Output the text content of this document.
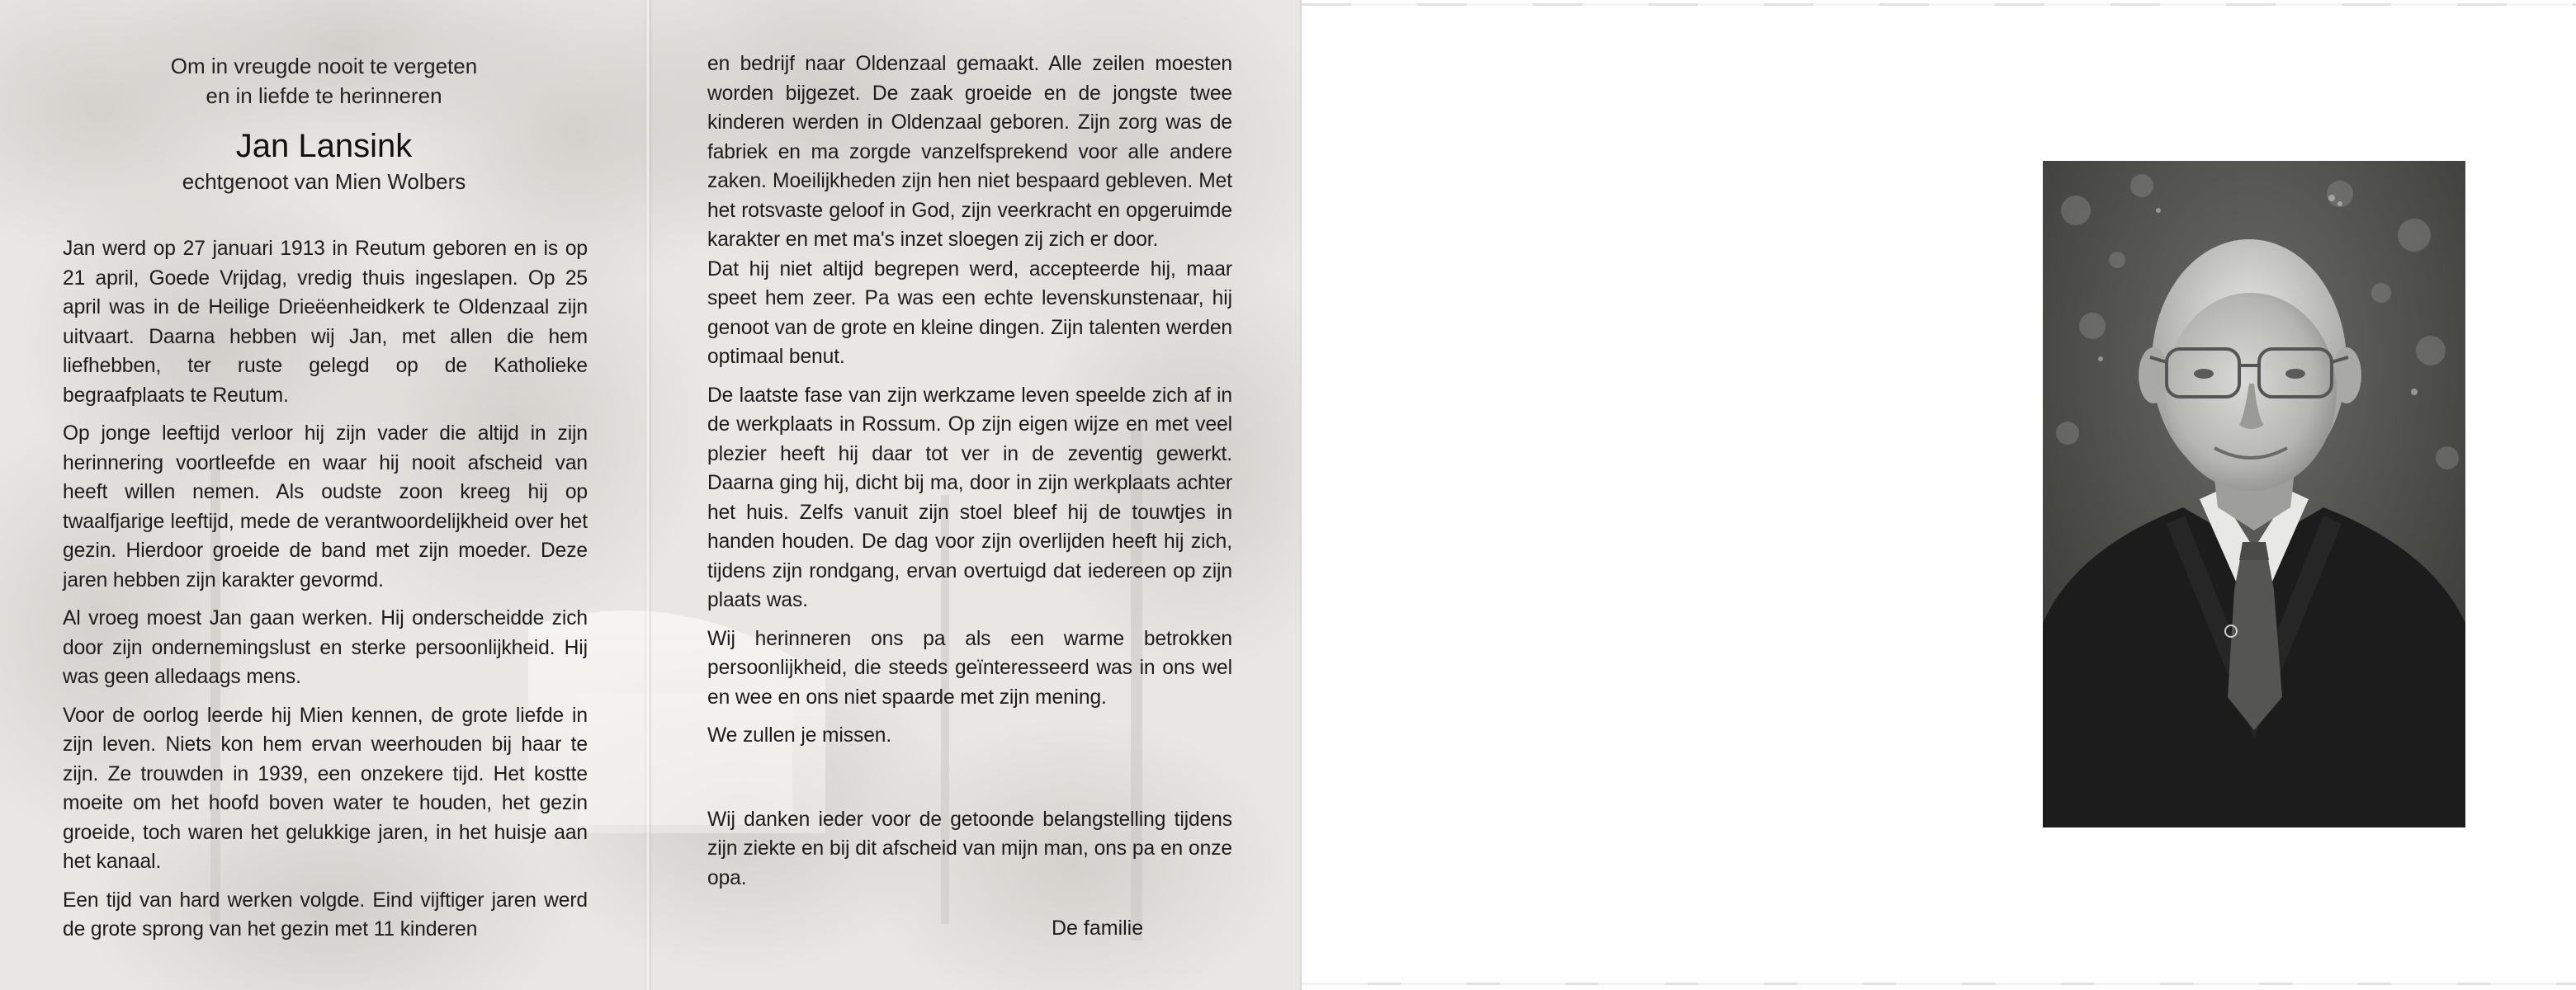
Om in vreugde nooit te vergeten
en in liefde te herinneren
Jan Lansink
echtgenoot van Mien Wolbers

Jan werd op 27 januari 1913 in Reutum geboren en is op 21 april, Goede Vrijdag, vredig thuis ingeslapen. Op 25 april was in de Heilige Drieëenheidkerk te Oldenzaal zijn uitvaart. Daarna hebben wij Jan, met allen die hem liefhebben, ter ruste gelegd op de Katholieke begraafplaats te Reutum.

Op jonge leeftijd verloor hij zijn vader die altijd in zijn herinnering voortleefde en waar hij nooit afscheid van heeft willen nemen. Als oudste zoon kreeg hij op twaalfjarige leeftijd, mede de verantwoordelijkheid over het gezin. Hierdoor groeide de band met zijn moeder. Deze jaren hebben zijn karakter gevormd.

Al vroeg moest Jan gaan werken. Hij onderscheidde zich door zijn ondernemingslust en sterke persoonlijkheid. Hij was geen alledaags mens.

Voor de oorlog leerde hij Mien kennen, de grote liefde in zijn leven. Niets kon hem ervan weerhouden bij haar te zijn. Ze trouwden in 1939, een onzekere tijd. Het kostte moeite om het hoofd boven water te houden, het gezin groeide, toch waren het gelukkige jaren, in het huisje aan het kanaal.

Een tijd van hard werken volgde. Eind vijftiger jaren werd de grote sprong van het gezin met 11 kinderen

en bedrijf naar Oldenzaal gemaakt. Alle zeilen moesten worden bijgezet. De zaak groeide en de jongste twee kinderen werden in Oldenzaal geboren. Zijn zorg was de fabriek en ma zorgde vanzelfsprekend voor alle andere zaken. Moeilijkheden zijn hen niet bespaard gebleven. Met het rotsvaste geloof in God, zijn veerkracht en opgeruimde karakter en met ma's inzet sloegen zij zich er door.
Dat hij niet altijd begrepen werd, accepteerde hij, maar speet hem zeer. Pa was een echte levenskunstenaar, hij genoot van de grote en kleine dingen. Zijn talenten werden optimaal benut.

De laatste fase van zijn werkzame leven speelde zich af in de werkplaats in Rossum. Op zijn eigen wijze en met veel plezier heeft hij daar tot ver in de zeventig gewerkt. Daarna ging hij, dicht bij ma, door in zijn werkplaats achter het huis. Zelfs vanuit zijn stoel bleef hij de touwtjes in handen houden. De dag voor zijn overlijden heeft hij zich, tijdens zijn rondgang, ervan overtuigd dat iedereen op zijn plaats was.

Wij herinneren ons pa als een warme betrokken persoonlijkheid, die steeds geïnteresseerd was in ons wel en wee en ons niet spaarde met zijn mening.

We zullen je missen.

Wij danken ieder voor de getoonde belangstelling tijdens zijn ziekte en bij dit afscheid van mijn man, ons pa en onze opa.

De familie
